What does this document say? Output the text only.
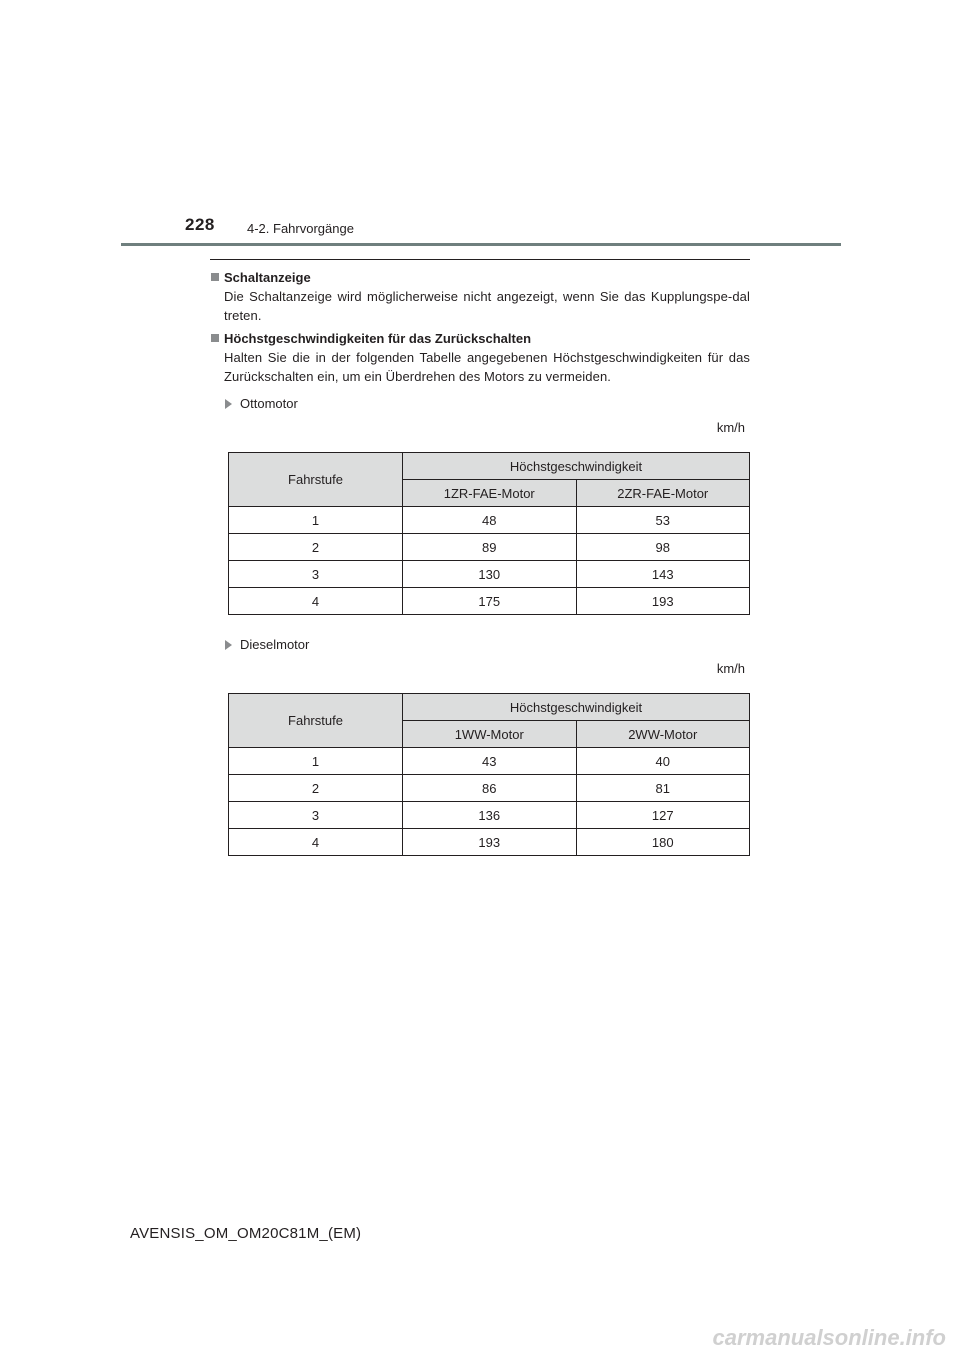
228 4-2. Fahrvorgänge
Schaltanzeige
Die Schaltanzeige wird möglicherweise nicht angezeigt, wenn Sie das Kupplungspe-dal treten.
Höchstgeschwindigkeiten für das Zurückschalten
Halten Sie die in der folgenden Tabelle angegebenen Höchstgeschwindigkeiten für das Zurückschalten ein, um ein Überdrehen des Motors zu vermeiden.
Ottomotor
km/h
Fahrstufe	Höchstgeschwindigkeit	
	1ZR-FAE-Motor	2ZR-FAE-Motor
1	48	53
2	89	98
3	130	143
4	175	193
Dieselmotor
km/h
Fahrstufe	Höchstgeschwindigkeit	
	1WW-Motor	2WW-Motor
1	43	40
2	86	81
3	136	127
4	193	180
AVENSIS_OM_OM20C81M_(EM)
carmanualsonline.info
